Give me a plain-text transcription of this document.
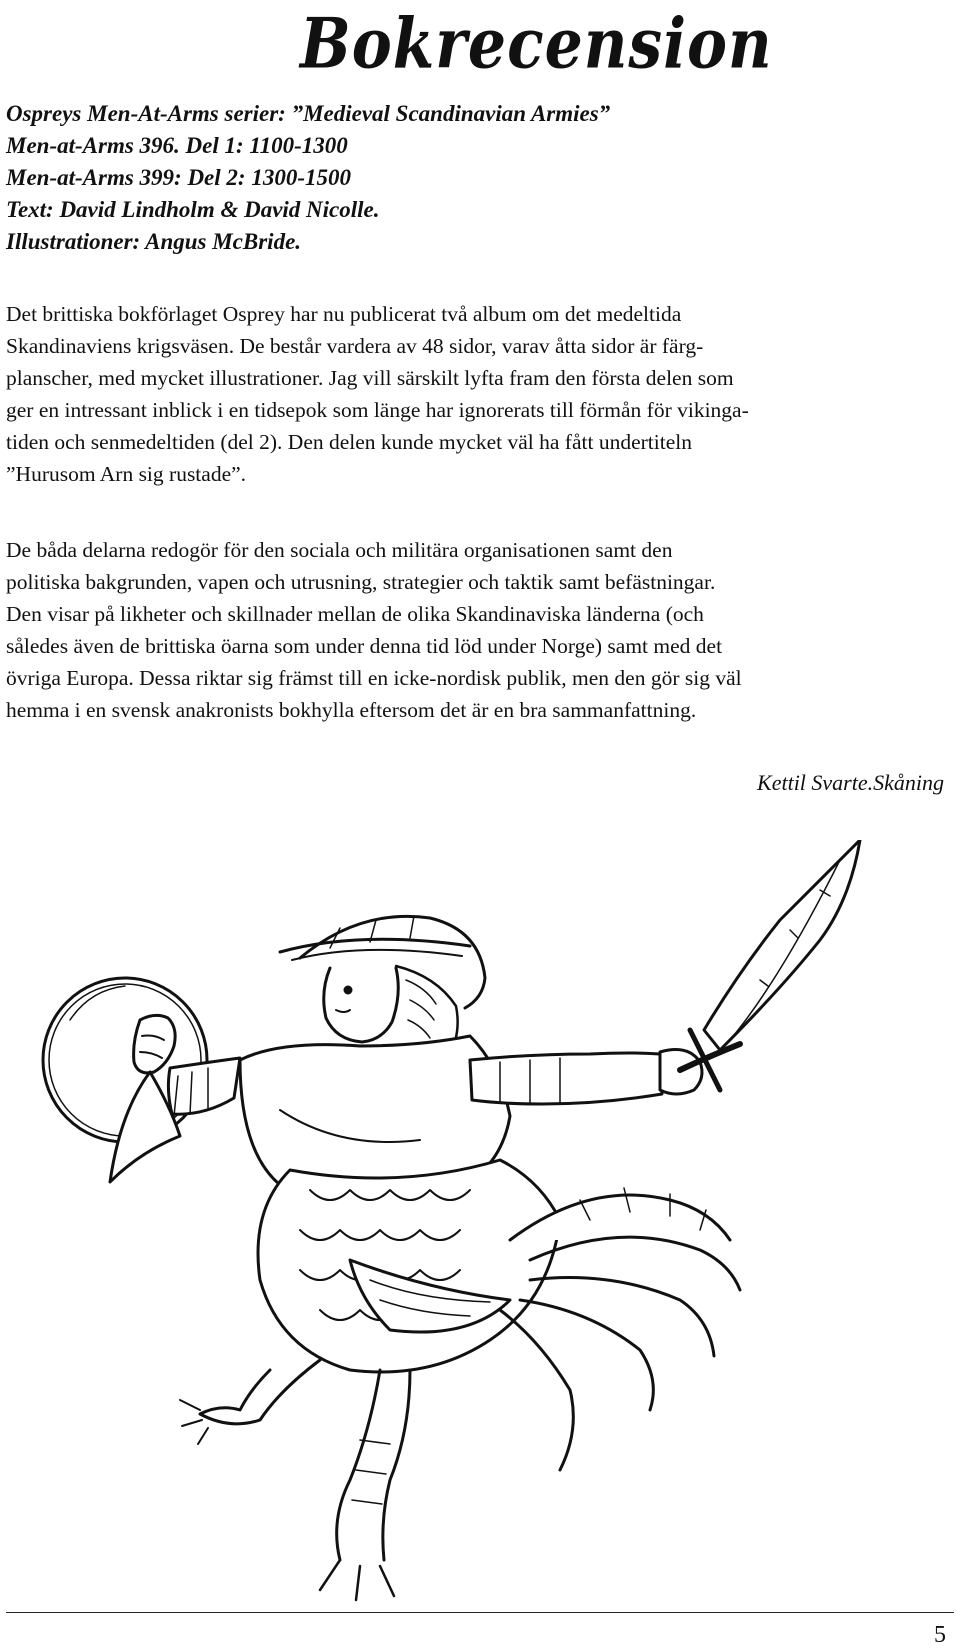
Bokrecension
Ospreys Men-At-Arms serier: ”Medieval Scandinavian Armies”
Men-at-Arms 396. Del 1: 1100-1300
Men-at-Arms 399: Del 2: 1300-1500
Text: David Lindholm & David Nicolle.
Illustrationer: Angus McBride.
Det brittiska bokförlaget Osprey har nu publicerat två album om det medeltida
Skandinaviens krigsväsen. De består vardera av 48 sidor, varav åtta sidor är färg-
planscher, med mycket illustrationer. Jag vill särskilt lyfta fram den första delen som
ger en intressant inblick i en tidsepok som länge har ignorerats till förmån för vikinga-
tiden och senmedeltiden (del 2). Den delen kunde mycket väl ha fått undertiteln
”Hurusom Arn sig rustade”.
De båda delarna redogör för den sociala och militära organisationen samt den
politiska bakgrunden, vapen och utrusning, strategier och taktik samt befästningar.
Den visar på likheter och skillnader mellan de olika Skandinaviska länderna (och
således även de brittiska öarna som under denna tid löd under Norge) samt med det
övriga Europa. Dessa riktar sig främst till en icke-nordisk publik, men den gör sig väl
hemma i en svensk anakronists bokhylla eftersom det är en bra sammanfattning.
Kettil Svarte.Skåning
5
